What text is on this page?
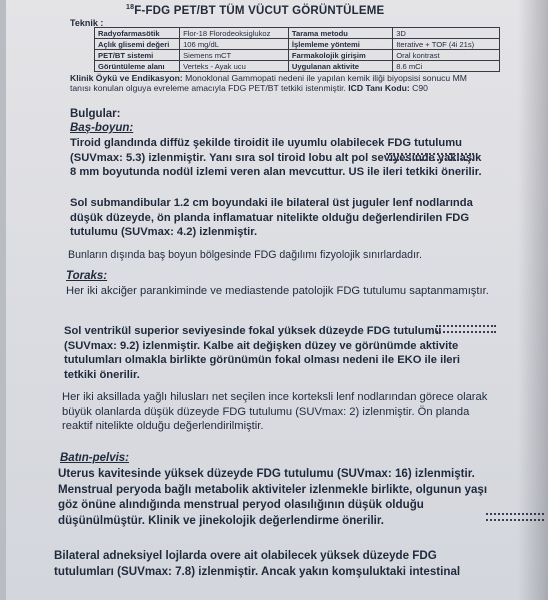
$^{18}$F-FDG PET/BT TÜM VÜCUT GÖRÜNTÜLEME
Teknik :
Radyofarmasötik	Flor-18 Florodeoksiglukoz	Tarama metodu	3D
Açlık glisemi değeri	106 mg/dL	İşlemleme yöntemi	Iterative + TOF (4i 21s)
PET/BT sistemi	Siemens mCT	Farmakolojik girişim	Oral kontrast
Görüntüleme alanı	Verteks - Ayak ucu	Uygulanan aktivite	8.6 mCi
Klinik Öykü ve Endikasyon: Monoklonal Gammopati nedeni ile yapılan kemik iliği biyopsisi sonucu MM tanısı konulan olguya evreleme amacıyla FDG PET/BT tetkiki istenmiştir. ICD Tanı Kodu: C90
Bulgular:
Baş-boyun:
Tiroid glandında diffüz şekilde tiroidit ile uyumlu olabilecek FDG tutulumu (SUVmax: 5.3) izlenmiştir. Yanı sıra sol tiroid lobu alt pol seviyesinde yaklaşık 8 mm boyutunda nodül izlemi veren alan mevcuttur. US ile ileri tetkiki önerilir.
Sol submandibular 1.2 cm boyundaki ile bilateral üst juguler lenf nodlarında düşük düzeyde, ön planda inflamatuar nitelikte olduğu değerlendirilen FDG tutulumu (SUVmax: 4.2) izlenmiştir.
Bunların dışında baş boyun bölgesinde FDG dağılımı fizyolojik sınırlardadır.
Toraks:
Her iki akciğer parankiminde ve mediastende patolojik FDG tutulumu saptanmamıştır.
Sol ventrikül superior seviyesinde fokal yüksek düzeyde FDG tutulumu (SUVmax: 9.2) izlenmiştir. Kalbe ait değişken düzey ve görünümde aktivite tutulumları olmakla birlikte görünümün fokal olması nedeni ile EKO ile ileri tetkiki önerilir.
Her iki aksillada yağlı hilusları net seçilen ince korteksli lenf nodlarından görece olarak büyük olanlarda düşük düzeyde FDG tutulumu (SUVmax: 2) izlenmiştir. Ön planda reaktif nitelikte olduğu değerlendirilmiştir.
Batın-pelvis:
Uterus kavitesinde yüksek düzeyde FDG tutulumu (SUVmax: 16) izlenmiştir. Menstrual peryoda bağlı metabolik aktiviteler izlenmekle birlikte, olgunun yaşı göz önüne alındığında menstrual peryod olasılığının düşük olduğu düşünülmüştür. Klinik ve jinekolojik değerlendirme önerilir.
Bilateral adneksiyel lojlarda overe ait olabilecek yüksek düzeyde FDG tutulumları (SUVmax: 7.8) izlenmiştir. Ancak yakın komşuluktaki intestinal
